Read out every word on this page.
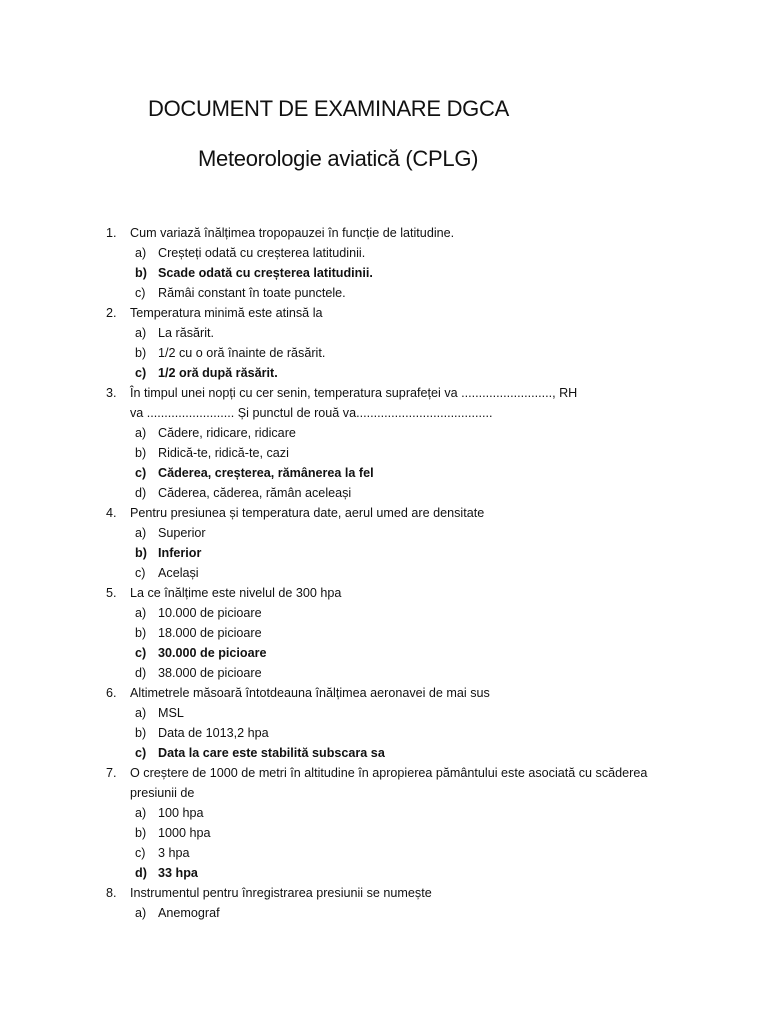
DOCUMENT DE EXAMINARE DGCA
Meteorologie aviatică (CPLG)
1.	Cum variază înălțimea tropopauzei în funcție de latitudine.
a) Creșteți odată cu creșterea latitudinii.
b) Scade odată cu creșterea latitudinii.
c) Rămâi constant în toate punctele.
2.	Temperatura minimă este atinsă la
a) La răsărit.
b) 1/2 cu o oră înainte de răsărit.
c) 1/2 oră după răsărit.
3.	În timpul unei nopți cu cer senin, temperatura suprafeței va .........................., RH
va ......................... Și punctul de rouă va.......................................
a) Cădere, ridicare, ridicare
b) Ridică-te, ridică-te, cazi
c) Căderea, creșterea, rămânerea la fel
d) Căderea, căderea, rămân aceleași
4.	Pentru presiunea și temperatura date, aerul umed are densitate
a) Superior
b) Inferior
c) Același
5.	La ce înălțime este nivelul de 300 hpa
a) 10.000 de picioare
b) 18.000 de picioare
c) 30.000 de picioare
d) 38.000 de picioare
6.	Altimetrele măsoară întotdeauna înălțimea aeronavei de mai sus
a) MSL
b) Data de 1013,2 hpa
c) Data la care este stabilită subscara sa
7.	O creștere de 1000 de metri în altitudine în apropierea pământului este asociată cu scăderea
presiunii de
a) 100 hpa
b) 1000 hpa
c) 3 hpa
d) 33 hpa
8.	Instrumentul pentru înregistrarea presiunii se numește
a) Anemograf
